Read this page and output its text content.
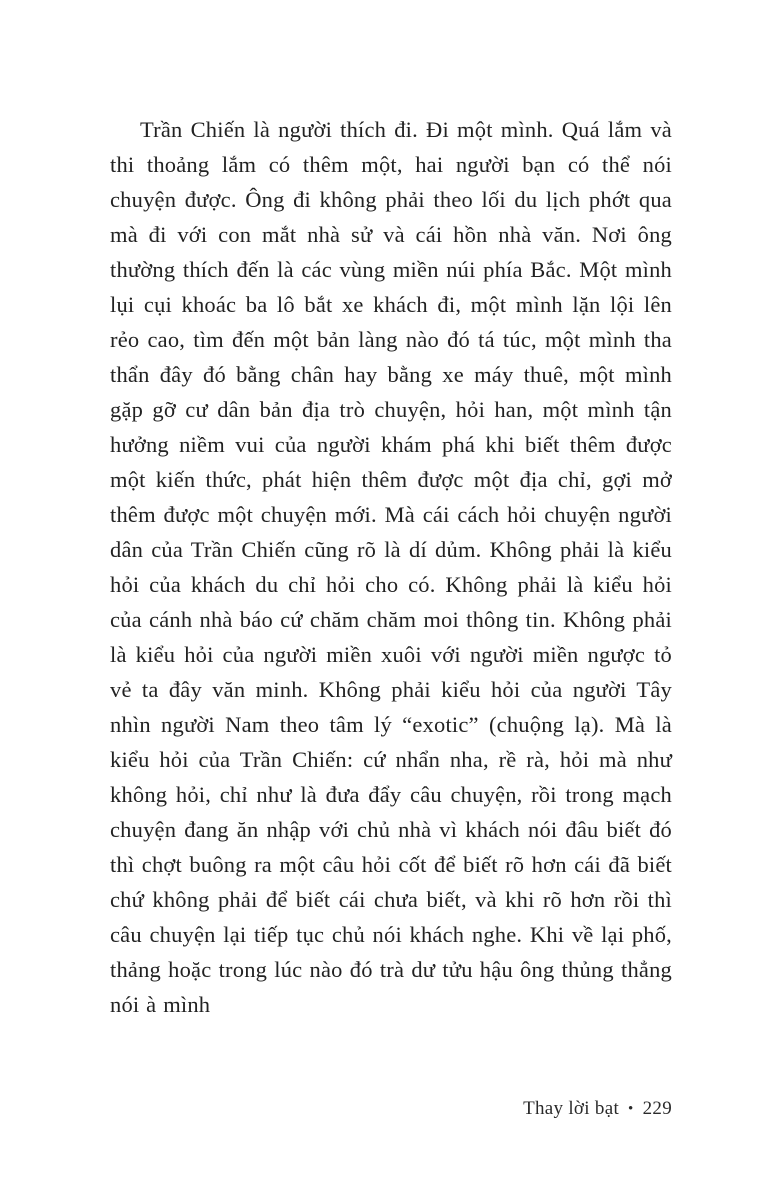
Trần Chiến là người thích đi. Đi một mình. Quá lắm và thi thoảng lắm có thêm một, hai người bạn có thể nói chuyện được. Ông đi không phải theo lối du lịch phớt qua mà đi với con mắt nhà sử và cái hồn nhà văn. Nơi ông thường thích đến là các vùng miền núi phía Bắc. Một mình lụi cụi khoác ba lô bắt xe khách đi, một mình lặn lội lên rẻo cao, tìm đến một bản làng nào đó tá túc, một mình tha thẩn đây đó bằng chân hay bằng xe máy thuê, một mình gặp gỡ cư dân bản địa trò chuyện, hỏi han, một mình tận hưởng niềm vui của người khám phá khi biết thêm được một kiến thức, phát hiện thêm được một địa chỉ, gợi mở thêm được một chuyện mới. Mà cái cách hỏi chuyện người dân của Trần Chiến cũng rõ là dí dủm. Không phải là kiểu hỏi của khách du chỉ hỏi cho có. Không phải là kiểu hỏi của cánh nhà báo cứ chăm chăm moi thông tin. Không phải là kiểu hỏi của người miền xuôi với người miền ngược tỏ vẻ ta đây văn minh. Không phải kiểu hỏi của người Tây nhìn người Nam theo tâm lý “exotic” (chuộng lạ). Mà là kiểu hỏi của Trần Chiến: cứ nhẩn nha, rề rà, hỏi mà như không hỏi, chỉ như là đưa đẩy câu chuyện, rồi trong mạch chuyện đang ăn nhập với chủ nhà vì khách nói đâu biết đó thì chợt buông ra một câu hỏi cốt để biết rõ hơn cái đã biết chứ không phải để biết cái chưa biết, và khi rõ hơn rồi thì câu chuyện lại tiếp tục chủ nói khách nghe. Khi về lại phố, thảng hoặc trong lúc nào đó trà dư tửu hậu ông thủng thẳng nói à mình

Thay lời bạt • 229
